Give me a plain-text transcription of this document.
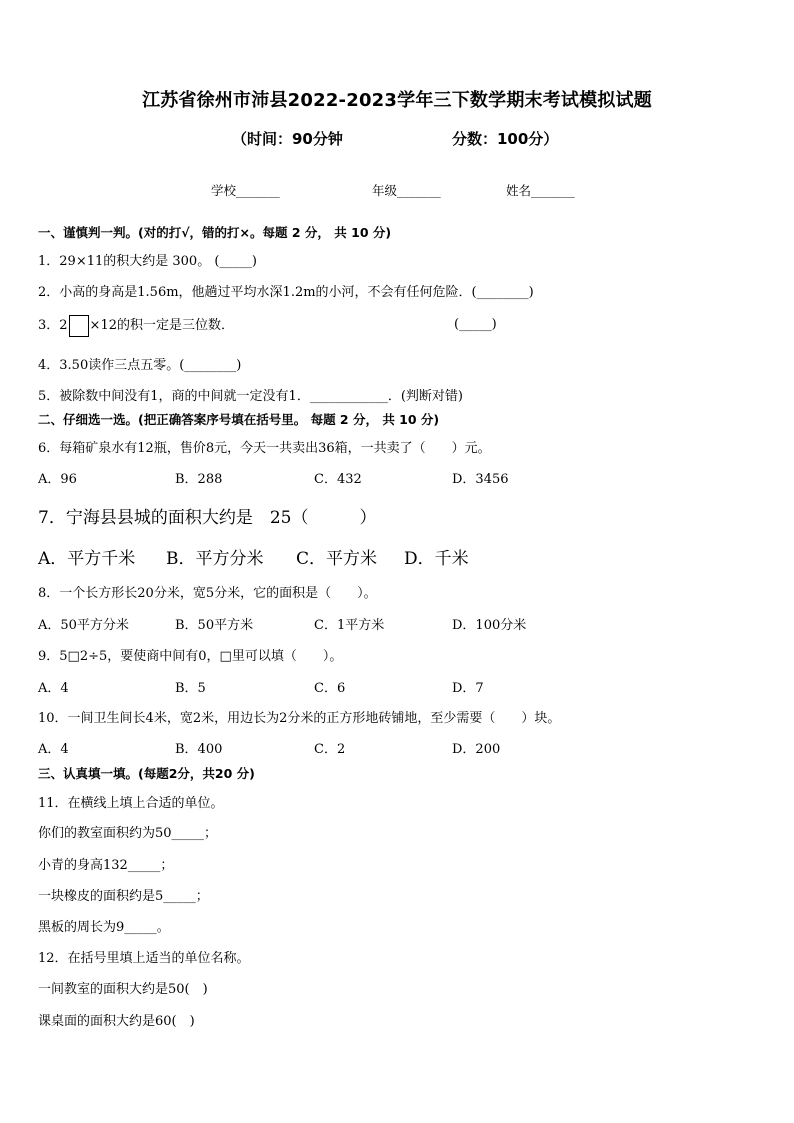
江苏省徐州市沛县2022-2023学年三下数学期末考试模拟试题
（时间：90分钟	分数：100分）
学校_______	年级_______	姓名_______
一、谨慎判一判。(对的打√，错的打×。每题 2 分， 共 10 分)
1．29×11的积大约是 300。 (_____)
2．小高的身高是1.56m，他趟过平均水深1.2m的小河，不会有任何危险．(________)
3．2 ×12的积一定是三位数．	(_____)
4．3.50读作三点五零。(________)
5．被除数中间没有1，商的中间就一定没有1．____________．(判断对错)
二、仔细选一选。(把正确答案序号填在括号里。 每题 2 分， 共 10 分)
6．每箱矿泉水有12瓶，售价8元，今天一共卖出36箱，一共卖了（　　）元。
A．96	B．288	C．432	D．3456
7．宁海县县城的面积大约是　25（　　　）
A．平方千米 B．平方分米 C．平方米 D．千米
8．一个长方形长20分米，宽5分米，它的面积是（　　）。
A．50平方分米	B．50平方米	C．1平方米	D．100分米
9．5□2÷5，要使商中间有0，□里可以填（　　）。
A．4	B．5	C．6	D．7
10．一间卫生间长4米，宽2米，用边长为2分米的正方形地砖铺地，至少需要（　　）块。
A．4	B．400	C．2	D．200
三、认真填一填。(每题2分，共20 分)
11．在横线上填上合适的单位。
你们的教室面积约为50_____；
小青的身高132_____；
一块橡皮的面积约是5_____；
黑板的周长为9_____。
12．在括号里填上适当的单位名称。
一间教室的面积大约是50(　)
课桌面的面积大约是60(　)
